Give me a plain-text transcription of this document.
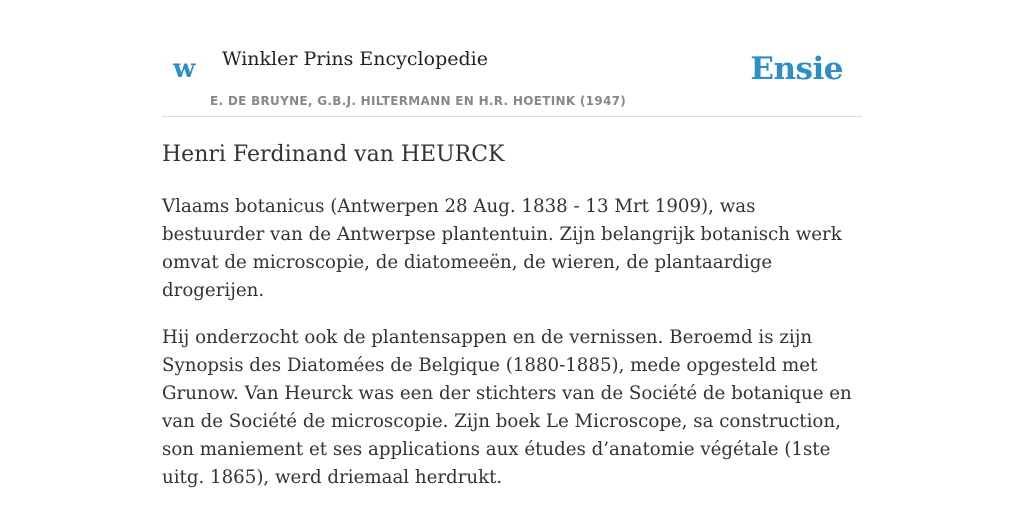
w Winkler Prins Encyclopedie	Ensie
E. DE BRUYNE, G.B.J. HILTERMANN EN H.R. HOETINK (1947)
Henri Ferdinand van HEURCK

Vlaams botanicus (Antwerpen 28 Aug. 1838 - 13 Mrt 1909), was bestuurder van de Antwerpse plantentuin. Zijn belangrijk botanisch werk omvat de microscopie, de diatomeeën, de wieren, de plantaardige drogerijen.

Hij onderzocht ook de plantensappen en de vernissen. Beroemd is zijn Synopsis des Diatomées de Belgique (1880-1885), mede opgesteld met Grunow. Van Heurck was een der stichters van de Société de botanique en van de Société de microscopie. Zijn boek Le Microscope, sa construction, son maniement et ses applications aux études d’anatomie végétale (1ste uitg. 1865), werd driemaal herdrukt.
